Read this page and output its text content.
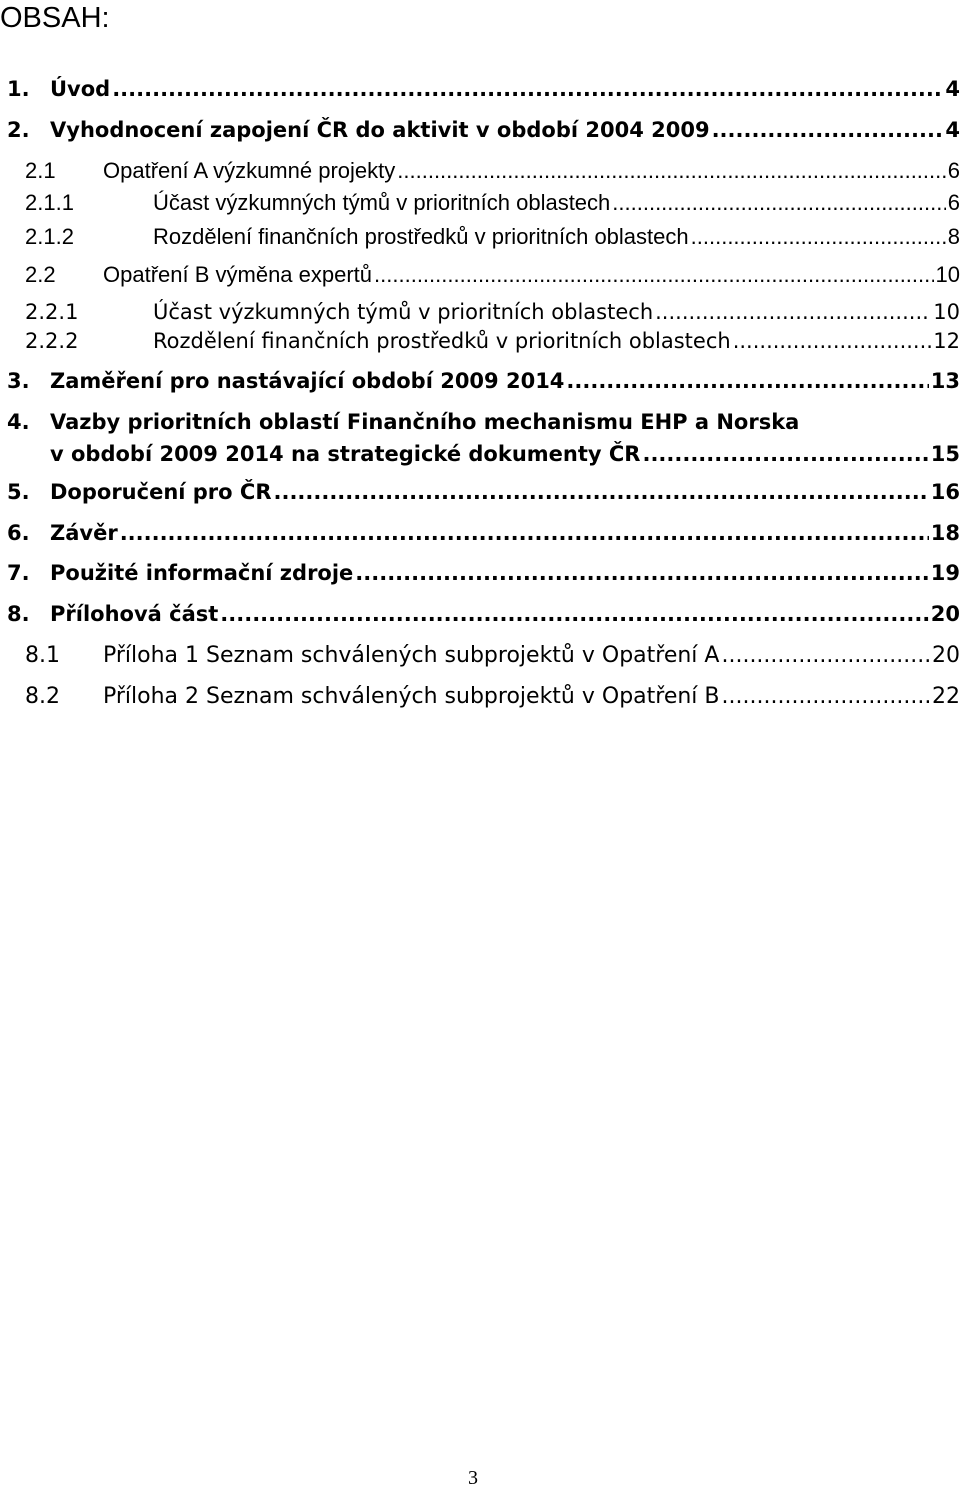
OBSAH:
1. Úvod .....	4
2. Vyhodnocení zapojení ČR do aktivit v období 2004 2009 .....	4
2.1 Opatření A výzkumné projekty .....	6
2.1.1	Účast výzkumných týmů v prioritních oblastech .....	6
2.1.2	Rozdělení finančních prostředků v prioritních oblastech .....	8
2.2 Opatření B výměna expertů .....	10
2.2.1	Účast výzkumných týmů v prioritních oblastech .....	10
2.2.2	Rozdělení finančních prostředků v prioritních oblastech .....	12
3. Zaměření pro nastávající období 2009 2014 .....	13
4. Vazby prioritních oblastí Finančního mechanismu EHP a Norska
v období 2009 2014 na strategické dokumenty ČR .....	15
5. Doporučení pro ČR .....	16
6. Závěr .....	18
7. Použité informační zdroje .....	19
8. Přílohová část .....	20
8.1 Příloha 1 Seznam schválených subprojektů v Opatření A .....	20
8.2 Příloha 2 Seznam schválených subprojektů v Opatření B .....	22
3
